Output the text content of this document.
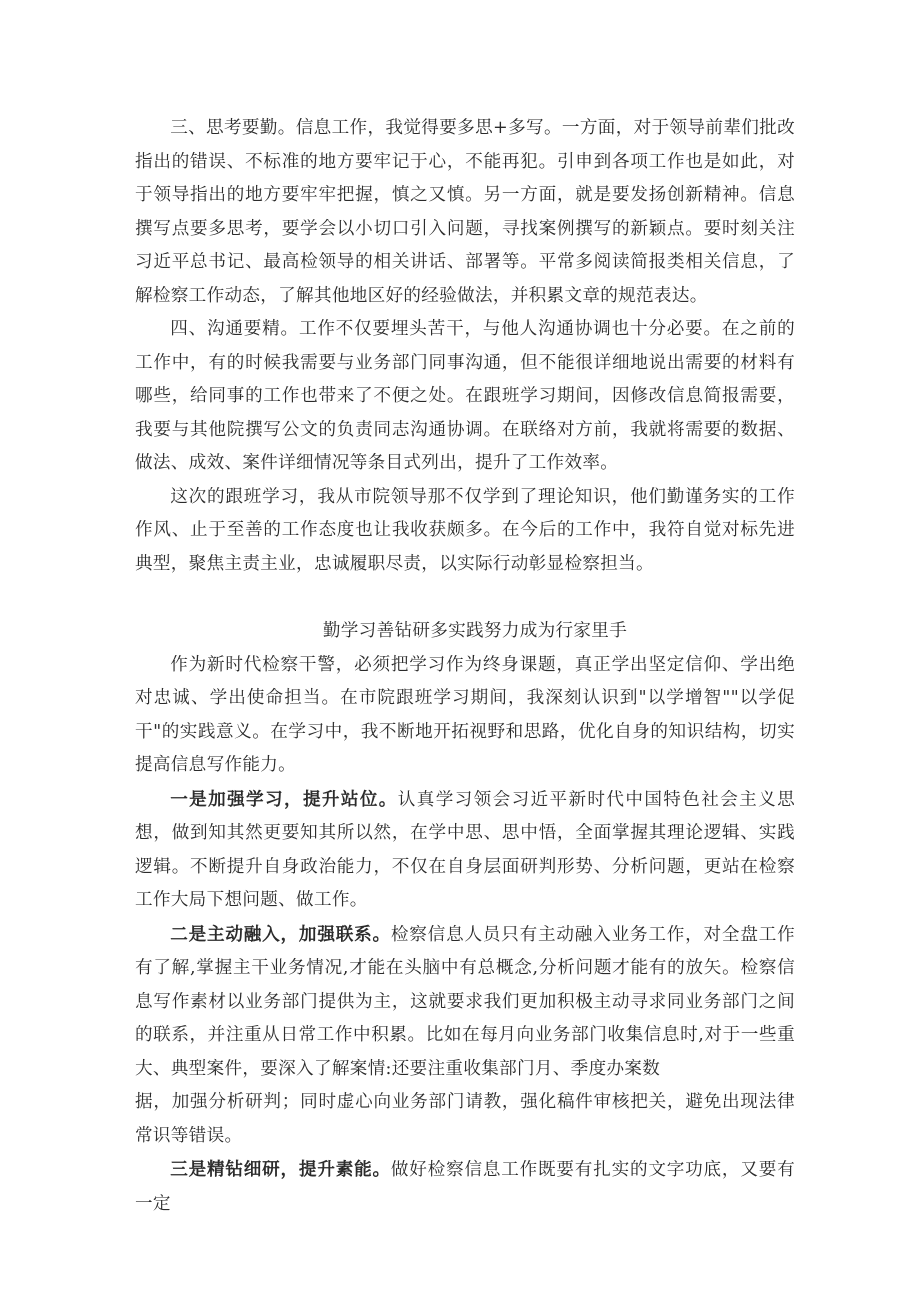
三、思考要勤。信息工作，我觉得要多思+多写。一方面，对于领导前辈们批改指出的错误、不标准的地方要牢记于心，不能再犯。引申到各项工作也是如此，对于领导指出的地方要牢牢把握，慎之又慎。另一方面，就是要发扬创新精神。信息撰写点要多思考，要学会以小切口引入问题，寻找案例撰写的新颖点。要时刻关注习近平总书记、最高检领导的相关讲话、部署等。平常多阅读简报类相关信息，了解检察工作动态，了解其他地区好的经验做法，并积累文章的规范表达。

四、沟通要精。工作不仅要埋头苦干，与他人沟通协调也十分必要。在之前的工作中，有的时候我需要与业务部门同事沟通，但不能很详细地说出需要的材料有哪些，给同事的工作也带来了不便之处。在跟班学习期间，因修改信息简报需要，我要与其他院撰写公文的负责同志沟通协调。在联络对方前，我就将需要的数据、做法、成效、案件详细情况等条目式列出，提升了工作效率。

这次的跟班学习，我从市院领导那不仅学到了理论知识，他们勤谨务实的工作作风、止于至善的工作态度也让我收获颇多。在今后的工作中，我符自觉对标先进典型，聚焦主责主业，忠诚履职尽责，以实际行动彰显检察担当。

勤学习善钻研多实践努力成为行家里手

作为新时代检察干警，必须把学习作为终身课题，真正学出坚定信仰、学出绝对忠诚、学出使命担当。在市院跟班学习期间，我深刻认识到"以学增智""以学促干"的实践意义。在学习中，我不断地开拓视野和思路，优化自身的知识结构，切实提高信息写作能力。

一是加强学习，提升站位。认真学习领会习近平新时代中国特色社会主义思想，做到知其然更要知其所以然，在学中思、思中悟，全面掌握其理论逻辑、实践逻辑。不断提升自身政治能力，不仅在自身层面研判形势、分析问题，更站在检察工作大局下想问题、做工作。

二是主动融入，加强联系。检察信息人员只有主动融入业务工作，对全盘工作有了解,掌握主干业务情况,才能在头脑中有总概念,分析问题才能有的放矢。检察信息写作素材以业务部门提供为主，这就要求我们更加积极主动寻求同业务部门之间的联系，并注重从日常工作中积累。比如在每月向业务部门收集信息时,对于一些重大、典型案件，要深入了解案情:还要注重收集部门月、季度办案数

据，加强分析研判；同时虚心向业务部门请教，强化稿件审核把关，避免出现法律常识等错误。

三是精钻细研，提升素能。做好检察信息工作既要有扎实的文字功底，又要有一定
